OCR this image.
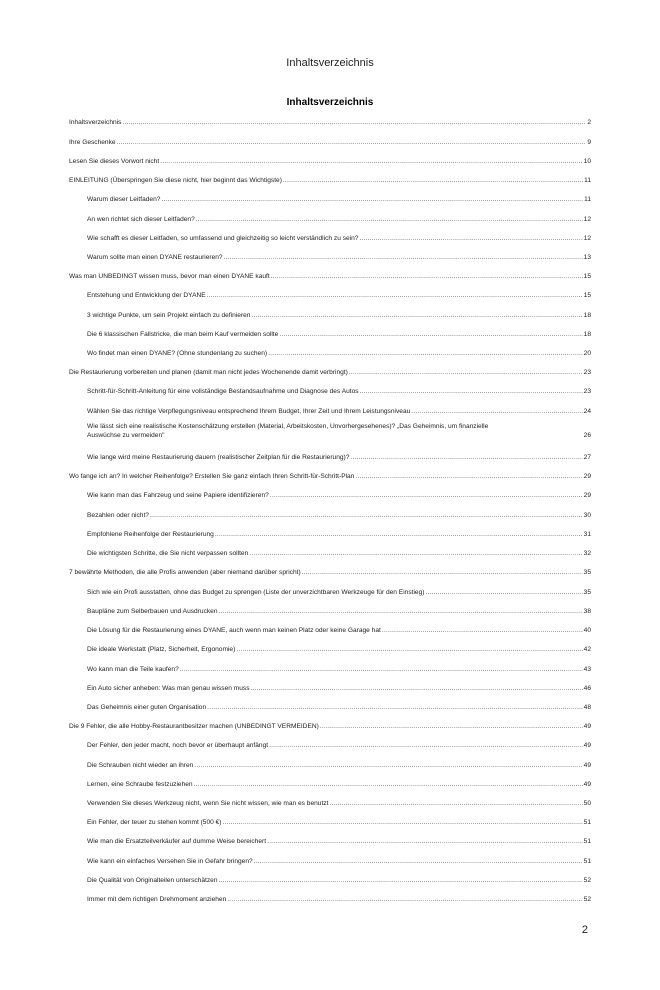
Inhaltsverzeichnis
Inhaltsverzeichnis
Inhaltsverzeichnis .....	2
Ihre Geschenke .....	9
Lesen Sie dieses Vorwort nicht .....	10
EINLEITUNG (Überspringen Sie diese nicht, hier beginnt das Wichtigste) .....	11
Warum dieser Leitfaden? .....	11
An wen richtet sich dieser Leitfaden? .....	12
Wie schafft es dieser Leitfaden, so umfassend und gleichzeitig so leicht verständlich zu sein? .....	12
Warum sollte man einen DYANE restaurieren? .....	13
Was man UNBEDINGT wissen muss, bevor man einen DYANE kauft .....	15
Entstehung und Entwicklung der DYANE .....	15
3 wichtige Punkte, um sein Projekt einfach zu definieren .....	18
Die 6 klassischen Fallstricke, die man beim Kauf vermeiden sollte .....	18
Wo findet man einen DYANE? (Ohne stundenlang zu suchen) .....	20
Die Restaurierung vorbereiten und planen (damit man nicht jedes Wochenende damit verbringt) .....	23
Schritt-für-Schritt-Anleitung für eine vollständige Bestandsaufnahme und Diagnose des Autos .....	23
Wählen Sie das richtige Verpflegungsniveau entsprechend Ihrem Budget, Ihrer Zeit und Ihrem Leistungsniveau .....	24
Wie lässt sich eine realistische Kostenschätzung erstellen (Material, Arbeitskosten, Unvorhergesehenes)? „Das Geheimnis, um finanzielle
Auswüchse zu vermeiden"	26
Wie lange wird meine Restaurierung dauern (realistischer Zeitplan für die Restaurierung)? .....	27
Wo fange ich an? In welcher Reihenfolge? Erstellen Sie ganz einfach Ihren Schritt-für-Schritt-Plan .....	29
Wie kann man das Fahrzeug und seine Papiere identifizieren? .....	29
Bezahlen oder nicht? .....	30
Empfohlene Reihenfolge der Restaurierung .....	31
Die wichtigsten Schritte, die Sie nicht verpassen sollten .....	32
7 bewährte Methoden, die alle Profis anwenden (aber niemand darüber spricht) .....	35
Sich wie ein Profi ausstatten, ohne das Budget zu sprengen (Liste der unverzichtbaren Werkzeuge für den Einstieg) .....	35
Baupläne zum Selberbauen und Ausdrucken .....	38
Die Lösung für die Restaurierung eines DYANE, auch wenn man keinen Platz oder keine Garage hat .....	40
Die ideale Werkstatt (Platz, Sicherheit, Ergonomie) .....	42
Wo kann man die Teile kaufen? .....	43
Ein Auto sicher anheben: Was man genau wissen muss .....	46
Das Geheimnis einer guten Organisation .....	48
Die 9 Fehler, die alle Hobby-Restaurantbesitzer machen (UNBEDINGT VERMEIDEN) .....	49
Der Fehler, den jeder macht, noch bevor er überhaupt anfängt .....	49
Die Schrauben nicht wieder an ihren .....	49
Lernen, eine Schraube festzuziehen .....	49
Verwenden Sie dieses Werkzeug nicht, wenn Sie nicht wissen, wie man es benutzt .....	50
Ein Fehler, der teuer zu stehen kommt (500 €) .....	51
Wie man die Ersatzteilverkäufer auf dumme Weise bereichert .....	51
Wie kann ein einfaches Versehen Sie in Gefahr bringen? .....	51
Die Qualität von Originalteilen unterschätzen .....	52
Immer mit dem richtigen Drehmoment anziehen .....	52
2
